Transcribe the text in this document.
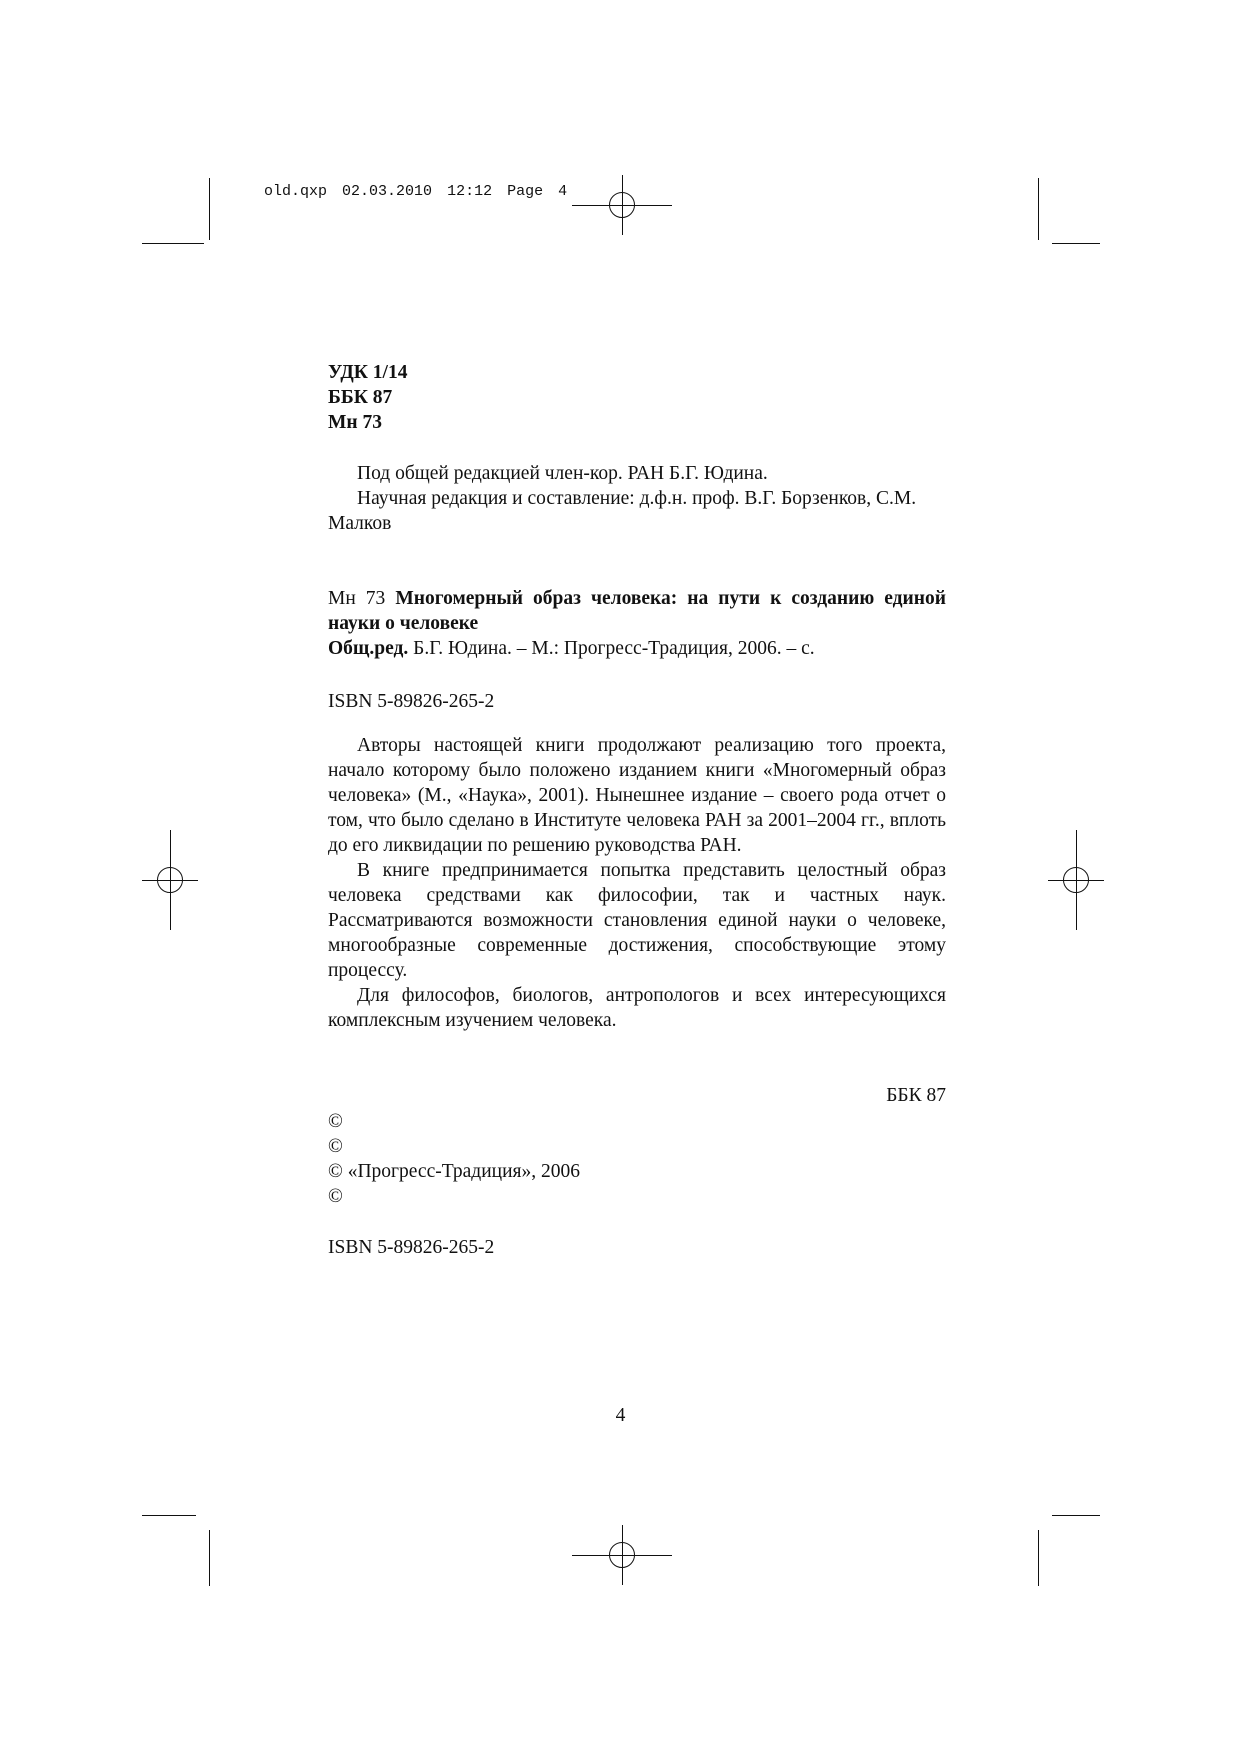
old.qxp 02.03.2010 12:12 Page 4
УДК 1/14
ББК 87
Мн 73

Под общей редакцией член-кор. РАН Б.Г. Юдина.

Научная редакция и составление: д.ф.н. проф. В.Г. Борзенков, С.М. Малков

Мн 73 Многомерный образ человека: на пути к созданию единой науки о человеке

Общ.ред. Б.Г. Юдина. – М.: Прогресс-Традиция, 2006. – с.

ISBN 5-89826-265-2

Авторы настоящей книги продолжают реализацию того проекта, начало которому было положено изданием книги «Многомерный образ человека» (М., «Наука», 2001). Нынешнее издание – своего рода отчет о том, что было сделано в Институте человека РАН за 2001–2004 гг., вплоть до его ликвидации по решению руководства РАН.

В книге предпринимается попытка представить целостный образ человека средствами как философии, так и частных наук. Рассматриваются возможности становления единой науки о человеке, многообразные современные достижения, способствующие этому процессу.

Для философов, биологов, антропологов и всех интересующихся комплексным изучением человека.

ББК 87
©
©
© «Прогресс-Традиция», 2006
©
ISBN 5-89826-265-2
4
